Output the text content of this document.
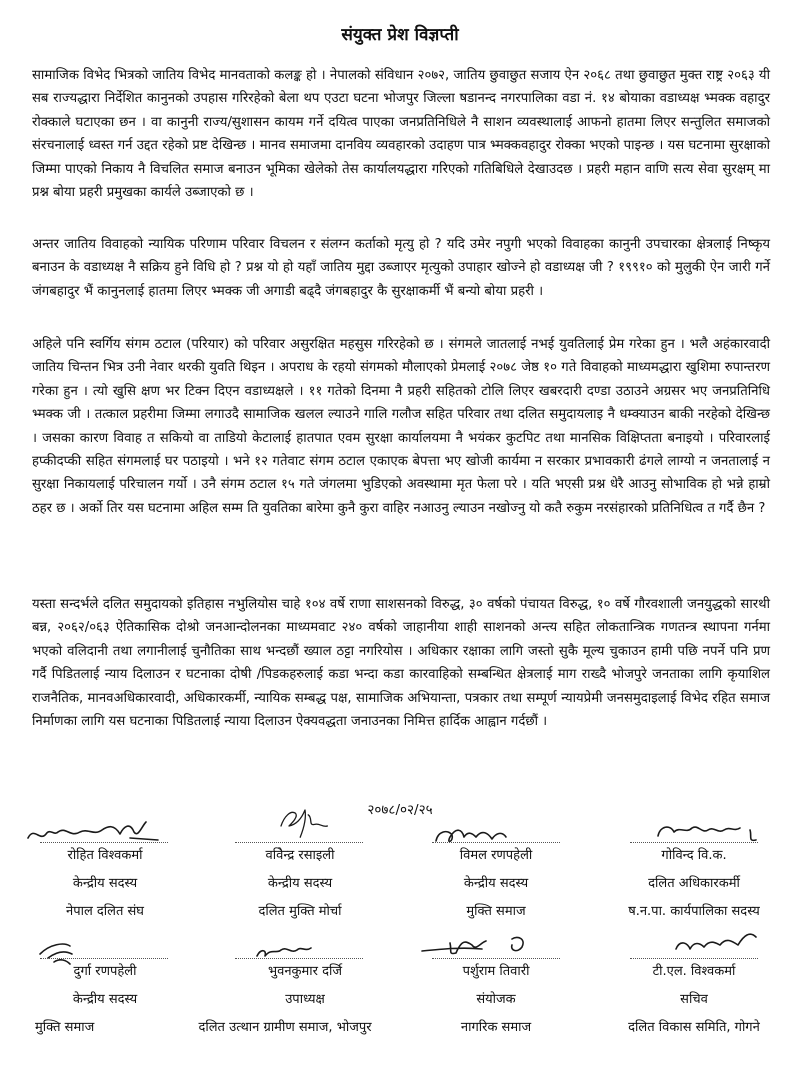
संयुक्त प्रेश विज्ञप्ती

सामाजिक विभेद भित्रको जातिय विभेद मानवताको कलङ्क हो । नेपालको संविधान २०७२, जातिय छुवाछुत सजाय ऐन २०६८ तथा छुवाछुत मुक्त राष्ट्र २०६३ यी सब राज्यद्धारा निर्देशित कानुनको उपहास गरिरहेको बेला थप एउटा घटना भोजपुर जिल्ला षडानन्द नगरपालिका वडा नं. १४ बोयाका वडाध्यक्ष भ्मक्क वहादुर रोक्काले घटाएका छन । वा कानुनी राज्य/सुशासन कायम गर्ने दयित्व पाएका जनप्रतिनिधिले नै साशन व्यवस्थालाई आफनो हातमा लिएर सन्तुलित समाजको संरचनालाई ध्वस्त गर्न उद्दत रहेको प्रष्ट देखिन्छ । मानव समाजमा दानविय व्यवहारको उदाहण पात्र भ्मक्कवहादुर रोक्का भएको पाइन्छ । यस घटनामा सुरक्षाको जिम्मा पाएको निकाय नै विचलित समाज बनाउन भूमिका खेलेको तेस कार्यालयद्धारा गरिएको गतिबिधिले देखाउदछ । प्रहरी महान वाणि सत्य सेवा सुरक्षम् मा प्रश्न बोया प्रहरी प्रमुखका कार्यले उब्जाएको छ ।

अन्तर जातिय विवाहको न्यायिक परिणाम परिवार विचलन र संलग्न कर्ताको मृत्यु हो ? यदि उमेर नपुगी भएको विवाहका कानुनी उपचारका क्षेत्रलाई निष्कृय बनाउन के वडाध्यक्ष नै सक्रिय हुने विधि हो ? प्रश्न यो हो यहाँ जातिय मुद्दा उब्जाएर मृत्युको उपाहार खोज्ने हो वडाध्यक्ष जी ? १९९१० को मुलुकी ऐन जारी गर्ने जंगबहादुर भैं कानुनलाई हातमा लिएर भ्मक्क जी अगाडी बढ्दै जंगबहादुर कै सुरक्षाकर्मी भैं बन्यो बोया प्रहरी ।

अहिले पनि स्वर्गिय संगम ठटाल (परियार) को परिवार असुरक्षित महसुस गरिरहेको छ । संगमले जातलाई नभई युवतिलाई प्रेम गरेका हुन । भलै अहंकारवादी जातिय चिन्तन भित्र उनी नेवार थरकी युवति थिइन । अपराध के रहयो संगमको मौलाएको प्रेमलाई २०७८ जेष्ठ १० गते विवाहको माध्यमद्धारा खुशिमा रुपान्तरण गरेका हुन । त्यो खुसि क्षण भर टिक्न दिएन वडाध्यक्षले । ११ गतेको दिनमा नै प्रहरी सहितको टोलि लिएर खबरदारी दण्डा उठाउने अग्रसर भए जनप्रतिनिधि भ्मक्क जी । तत्काल प्रहरीमा जिम्मा लगाउदै सामाजिक खलल ल्याउने गालि गलौज सहित परिवार तथा दलित समुदायलाइ नै धम्क्याउन बाकी नरहेको देखिन्छ । जसका कारण विवाह त सकियो वा ताडियो केटालाई हातपात एवम सुरक्षा कार्यालयमा नै भयंकर कुटपिट तथा मानसिक विक्षिप्तता बनाइयो । परिवारलाई हप्कीदप्की सहित संगमलाई घर पठाइयो । भने १२ गतेवाट संगम ठटाल एकाएक बेपत्ता भए खोजी कार्यमा न सरकार प्रभावकारी ढंगले लाग्यो न जनतालाई न सुरक्षा निकायलाई परिचालन गर्यो । उनै संगम ठटाल १५ गते जंगलमा भुडिएको अवस्थामा मृत फेला परे । यति भएसी प्रश्न धेरै आउनु सोभाविक हो भन्ने हाम्रो ठहर छ । अर्को तिर यस घटनामा अहिल सम्म ति युवतिका बारेमा कुनै कुरा वाहिर नआउनु ल्याउन नखोज्नु यो कतै रुकुम नरसंहारको प्रतिनिधित्व त गर्दै छैन ?

यस्ता सन्दर्भले दलित समुदायको इतिहास नभुलियोस चाहे १०४ वर्षे राणा साशसनको विरुद्ध, ३० वर्षको पंचायत विरुद्ध, १० वर्षे गौरवशाली जनयुद्धको सारथी बन्न, २०६२/०६३ ऐतिकासिक दोश्रो जनआन्दोलनका माध्यमवाट २४० वर्षको जाहानीया शाही साशनको अन्त्य सहित लोकतान्त्रिक गणतन्त्र स्थापना गर्नमा भएको वलिदानी तथा लगानीलाई चुनौतिका साथ भन्दछौं ख्याल ठट्टा नगरियोस । अधिकार रक्षाका लागि जस्तो सुकै मूल्य चुकाउन हामी पछि नपर्ने पनि प्रण गर्दै पिडितलाई न्याय दिलाउन र घटनाका दोषी /पिडकहरुलाई कडा भन्दा कडा कारवाहिको सम्बन्धित क्षेत्रलाई माग राख्दै भोजपुरे जनताका लागि कृयाशिल राजनैतिक, मानवअधिकारवादी, अधिकारकर्मी, न्यायिक सम्बद्ध पक्ष, सामाजिक अभियान्ता, पत्रकार तथा सम्पूर्ण न्यायप्रेमी जनसमुदाइलाई विभेद रहित समाज निर्माणका लागि यस घटनाका पिडितलाई न्याया दिलाउन ऐक्यवद्धता जनाउनका निमित्त हार्दिक आह्वान गर्दछौं ।

२०७८/०२/२५
रोहित विश्वकर्मा
केन्द्रीय सदस्य
नेपाल दलित संघ
ववेिन्द्र रसाइली
केन्द्रीय सदस्य
दलित मुक्ति मोर्चा
विमल रणपहेली
केन्द्रीय सदस्य
मुक्ति समाज
गोविन्द वि.क.
दलित अधिकारकर्मी
ष.न.पा. कार्यपालिका सदस्य
दुर्गा रणपहेली
केन्द्रीय सदस्य
मुक्ति समाज
भुवनकुमार दर्जि
उपाध्यक्ष
दलित उत्थान ग्रामीण समाज, भोजपुर
पर्शुराम तिवारी
संयोजक
नागरिक समाज
टी.एल. विश्वकर्मा
सचिव
दलित विकास समिति, गोगने
